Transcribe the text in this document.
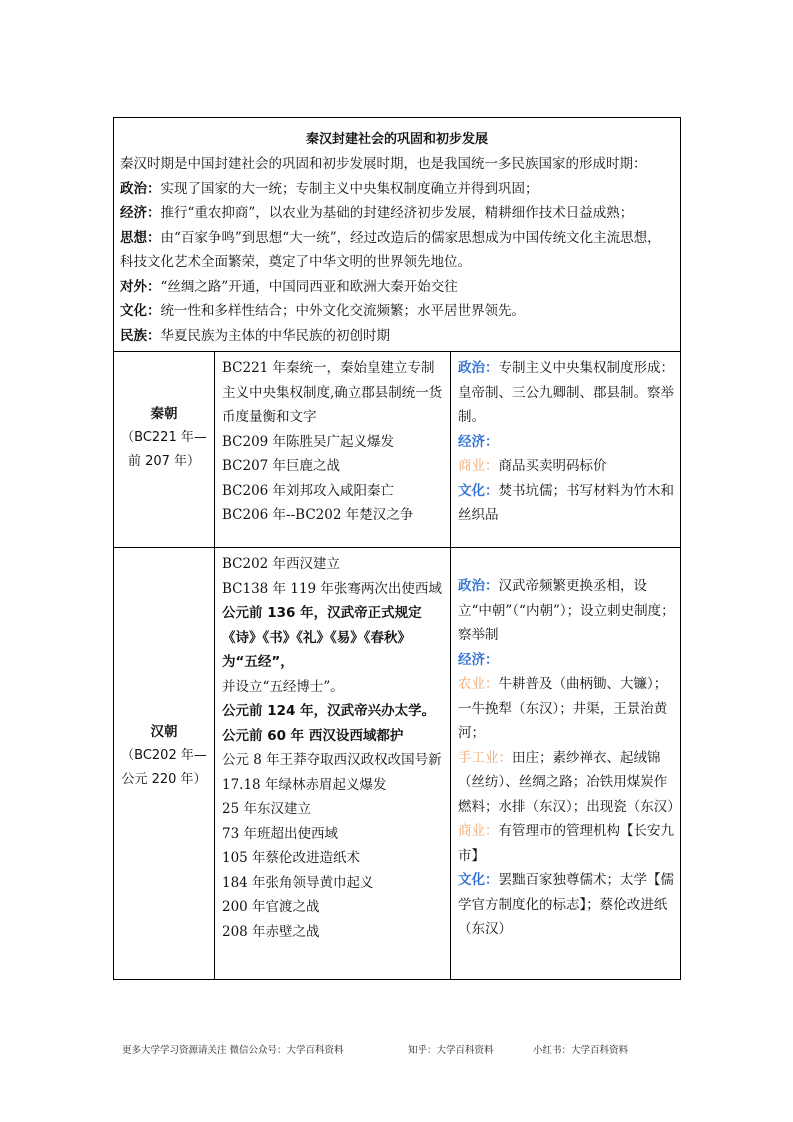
秦汉封建社会的巩固和初步发展

秦汉时期是中国封建社会的巩固和初步发展时期，也是我国统一多民族国家的形成时期：

政治：实现了国家的大一统；专制主义中央集权制度确立并得到巩固；

经济：推行“重农抑商”，以农业为基础的封建经济初步发展，精耕细作技术日益成熟；

思想：由“百家争鸣”到思想“大一统”，经过改造后的儒家思想成为中国传统文化主流思想，科技文化艺术全面繁荣，奠定了中华文明的世界领先地位。

对外：“丝绸之路”开通，中国同西亚和欧洲大秦开始交往

文化：统一性和多样性结合；中外文化交流频繁；水平居世界领先。

民族：华夏民族为主体的中华民族的初创时期

秦朝
（BC221 年—前 207 年）

BC221 年秦统一，秦始皇建立专制主义中央集权制度,确立郡县制统一货币度量衡和文字

BC209 年陈胜吴广起义爆发

BC207 年巨鹿之战

BC206 年刘邦攻入咸阳秦亡

BC206 年--BC202 年楚汉之争

政治：专制主义中央集权制度形成：皇帝制、三公九卿制、郡县制。察举制。

经济：

商业：商品买卖明码标价

文化：焚书坑儒；书写材料为竹木和丝织品

汉朝
（BC202 年—公元 220 年）

BC202 年西汉建立

BC138 年 119 年张骞两次出使西域

公元前 136 年，汉武帝正式规定《诗》《书》《礼》《易》《春秋》为“五经”，

并设立“五经博士”。

公元前 124 年，汉武帝兴办太学。

公元前 60 年 西汉设西域都护

公元 8 年王莽夺取西汉政权改国号新

17.18 年绿林赤眉起义爆发

25 年东汉建立

73 年班超出使西域

105 年蔡伦改进造纸术

184 年张角领导黄巾起义

200 年官渡之战

208 年赤壁之战

政治：汉武帝频繁更换丞相，设立“中朝”（“内朝”）；设立刺史制度；察举制

经济：

农业：牛耕普及（曲柄锄、大镰）；一牛挽犁（东汉）；井渠，王景治黄河；

手工业：田庄；素纱禅衣、起绒锦（丝纺）、丝绸之路；冶铁用煤炭作燃料；水排（东汉）；出现瓷（东汉）

商业：有管理市的管理机构【长安九市】

文化：罢黜百家独尊儒术；太学【儒学官方制度化的标志】；蔡伦改进纸（东汉）

更多大学学习资源请关注 微信公众号：大学百科资料	知乎：大学百科资料	小红书：大学百科资料
